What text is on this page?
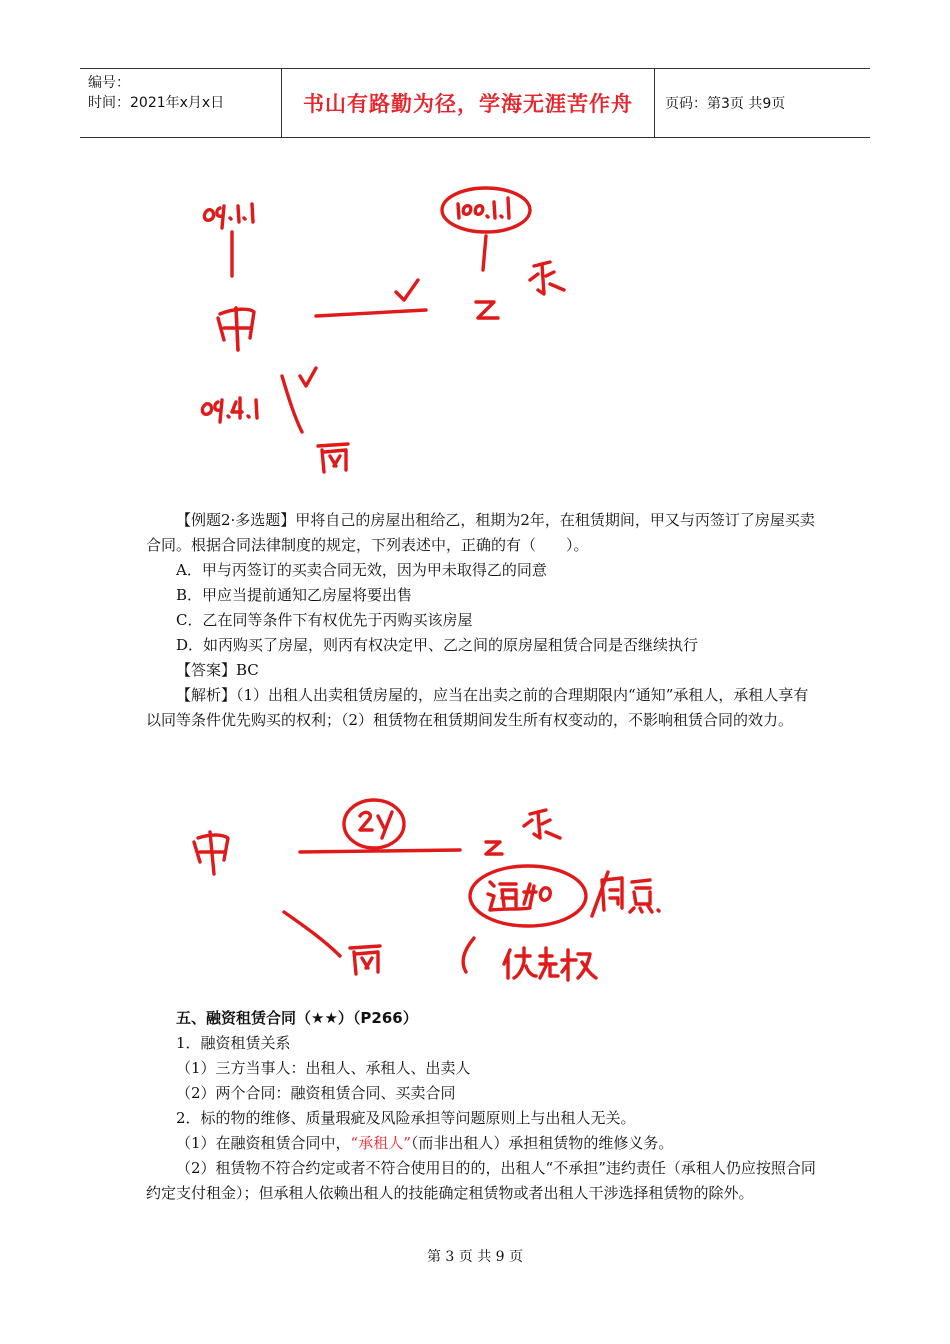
编号：
时间：2021年x月x日	书山有路勤为径，学海无涯苦作舟	页码：第3页 共9页

【例题2·多选题】甲将自己的房屋出租给乙，租期为2年，在租赁期间，甲又与丙签订了房屋买卖合同。根据合同法律制度的规定，下列表述中，正确的有（　　）。

A．甲与丙签订的买卖合同无效，因为甲未取得乙的同意

B．甲应当提前通知乙房屋将要出售

C．乙在同等条件下有权优先于丙购买该房屋

D．如丙购买了房屋，则丙有权决定甲、乙之间的原房屋租赁合同是否继续执行

【答案】BC

【解析】（1）出租人出卖租赁房屋的，应当在出卖之前的合理期限内“通知”承租人，承租人享有以同等条件优先购买的权利；（2）租赁物在租赁期间发生所有权变动的，不影响租赁合同的效力。

五、融资租赁合同（★★）（P266）

1．融资租赁关系

（1）三方当事人：出租人、承租人、出卖人

（2）两个合同：融资租赁合同、买卖合同

2．标的物的维修、质量瑕疵及风险承担等问题原则上与出租人无关。

（1）在融资租赁合同中，“承租人”（而非出租人）承担租赁物的维修义务。

（2）租赁物不符合约定或者不符合使用目的的，出租人“不承担”违约责任（承租人仍应按照合同约定支付租金）；但承租人依赖出租人的技能确定租赁物或者出租人干涉选择租赁物的除外。

第 3 页 共 9 页
